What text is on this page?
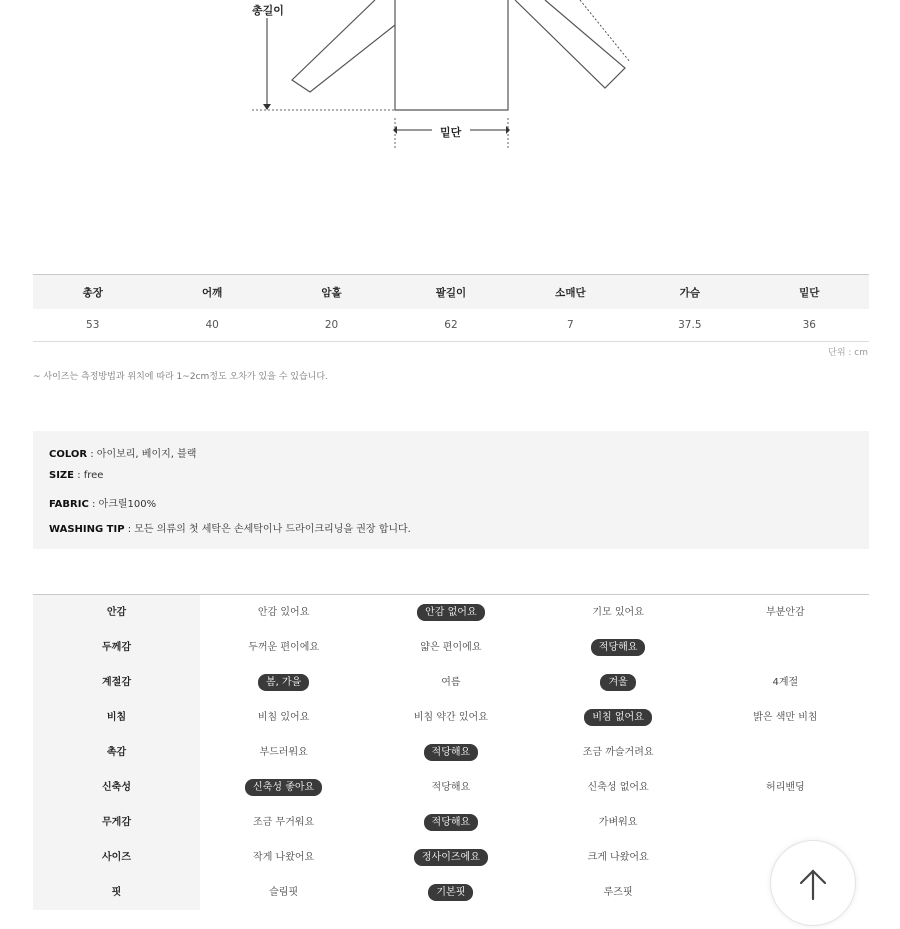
총길이
밑단
총장	어깨	암홀	팔길이	소매단	가슴	밑단
53	40	20	62	7	37.5	36
단위 : cm
~ 사이즈는 측정방법과 위치에 따라 1~2cm정도 오차가 있을 수 있습니다.
COLOR : 아이보리, 베이지, 블랙
SIZE : free
FABRIC : 아크릴100%
WASHING TIP : 모든 의류의 첫 세탁은 손세탁이나 드라이크리닝을 권장 합니다.
안감	안감 있어요	안감 없어요	기모 있어요	부분안감
두께감	두꺼운 편이에요	얇은 편이에요	적당해요	
계절감	봄, 가을	여름	겨울	4계절
비침	비침 있어요	비침 약간 있어요	비침 없어요	밝은 색만 비침
촉감	부드러워요	적당해요	조금 까슬거려요	
신축성	신축성 좋아요	적당해요	신축성 없어요	허리밴딩
무게감	조금 무거워요	적당해요	가벼워요	
사이즈	작게 나왔어요	정사이즈에요	크게 나왔어요	
핏	슬림핏	기본핏	루즈핏	
